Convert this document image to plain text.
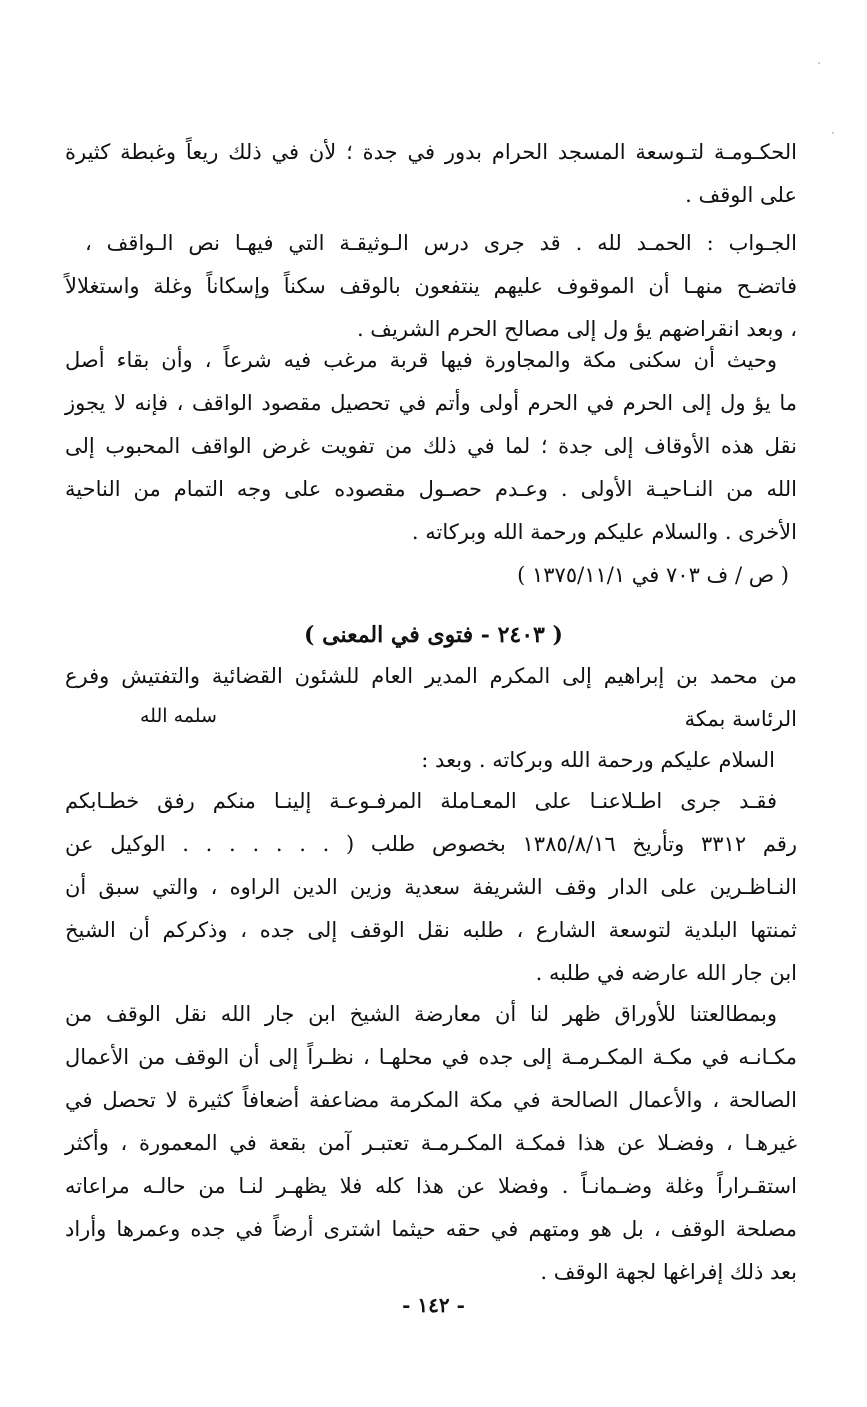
الحكـومـة لتـوسعة المسجد الحرام بدور في جدة ؛ لأن في ذلك ريعاً وغبطة كثيرة
على الوقف .
الجـواب : الحمـد لله . قد جرى درس الـوثيقـة التي فيهـا نص الـواقف ،
فاتضـح منهـا أن الموقوف عليهم ينتفعون بالوقف سكناً وإسكاناً وغلة واستغلالاً
، وبعد انقراضهم يؤ ول إلى مصالح الحرم الشريف .
وحيث أن سكنى مكة والمجاورة فيها قربة مرغب فيه شرعاً ، وأن بقاء أصل
ما يؤ ول إلى الحرم في الحرم أولى وأتم في تحصيل مقصود الواقف ، فإنه لا يجوز
نقل هذه الأوقاف إلى جدة ؛ لما في ذلك من تفويت غرض الواقف المحبوب إلى
الله من النـاحيـة الأولى . وعـدم حصـول مقصوده على وجه التمام من الناحية
الأخرى . والسلام عليكم ورحمة الله وبركاته .
( ص / ف ٧٠٣ في ١٣٧٥/١١/١ )
( ٢٤٠٣ - فتوى في المعنى )
من محمد بن إبراهيم إلى المكرم المدير العام للشئون القضائية والتفتيش وفرع
الرئاسة بمكة
سلمه الله
السلام عليكم ورحمة الله وبركاته . وبعد :
فقـد جرى اطـلاعنـا على المعـاملة المرفـوعـة إلينـا منكم رفق خطـابكم
رقم ٣٣١٢ وتأريخ ١٣٨٥/٨/١٦ بخصوص طلب ( . . . . . . . الوكيل عن
النـاظـرين على الدار وقف الشريفة سعدية وزين الدين الراوه ، والتي سبق أن
ثمنتها البلدية لتوسعة الشارع ، طلبه نقل الوقف إلى جده ، وذكركم أن الشيخ
ابن جار الله عارضه في طلبه .
وبمطالعتنا للأوراق ظهر لنا أن معارضة الشيخ ابن جار الله نقل الوقف من
مكـانـه في مكـة المكـرمـة إلى جده في محلهـا ، نظـراً إلى أن الوقف من الأعمال
الصالحة ، والأعمال الصالحة في مكة المكرمة مضاعفة أضعافاً كثيرة لا تحصل في
غيرهـا ، وفضـلا عن هذا فمكـة المكـرمـة تعتبـر آمن بقعة في المعمورة ، وأكثر
استقـراراً وغلة وضـمانـاً . وفضلا عن هذا كله فلا يظهـر لنـا من حالـه مراعاته
مصلحة الوقف ، بل هو ومتهم في حقه حيثما اشترى أرضاً في جده وعمرها وأراد
بعد ذلك إفراغها لجهة الوقف .
- ١٤٢ -
